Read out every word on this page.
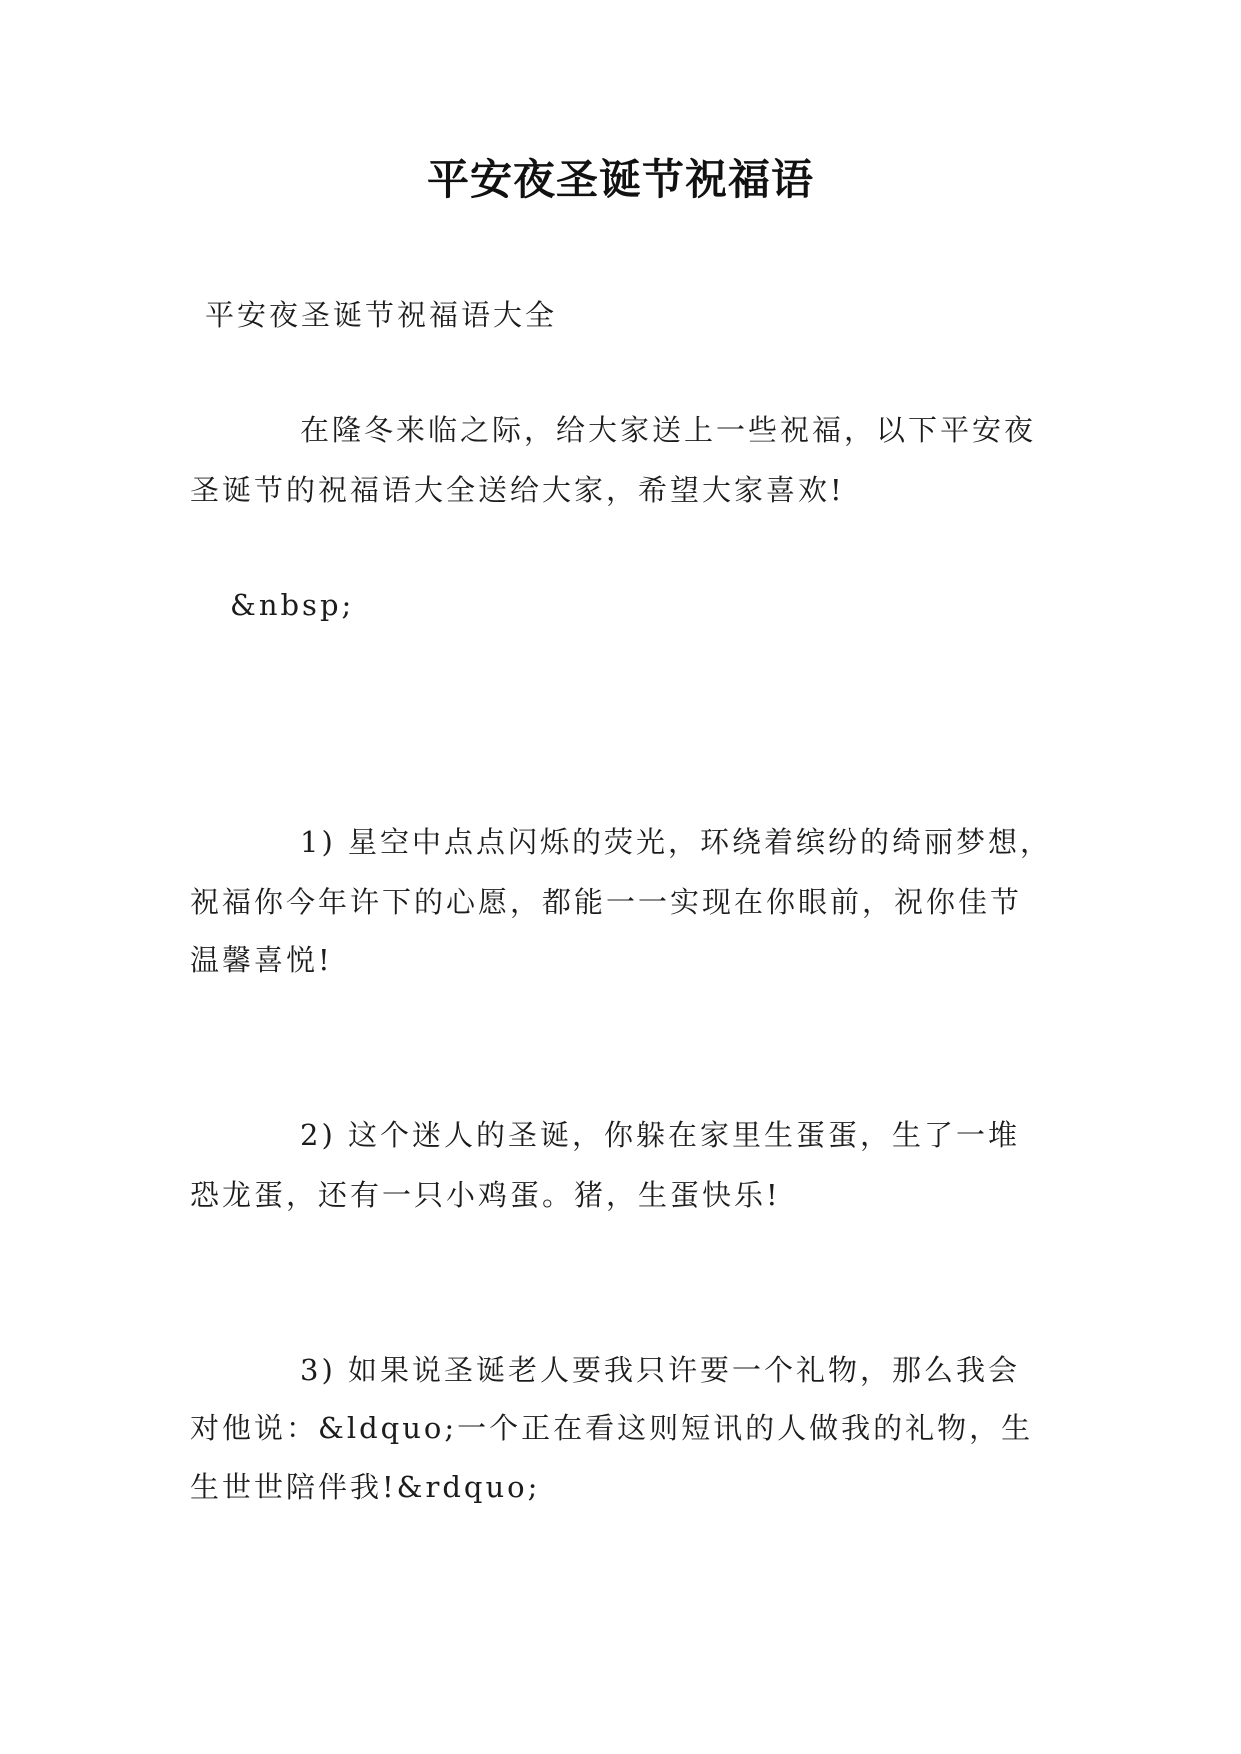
平安夜圣诞节祝福语
平安夜圣诞节祝福语大全
在隆冬来临之际，给大家送上一些祝福，以下平安夜
圣诞节的祝福语大全送给大家，希望大家喜欢!
&nbsp;
1) 星空中点点闪烁的荧光，环绕着缤纷的绮丽梦想，
祝福你今年许下的心愿，都能一一实现在你眼前，祝你佳节
温馨喜悦!
2) 这个迷人的圣诞，你躲在家里生蛋蛋，生了一堆
恐龙蛋，还有一只小鸡蛋。猪，生蛋快乐!
3) 如果说圣诞老人要我只许要一个礼物，那么我会
对他说：&ldquo;一个正在看这则短讯的人做我的礼物，生
生世世陪伴我!&rdquo;
